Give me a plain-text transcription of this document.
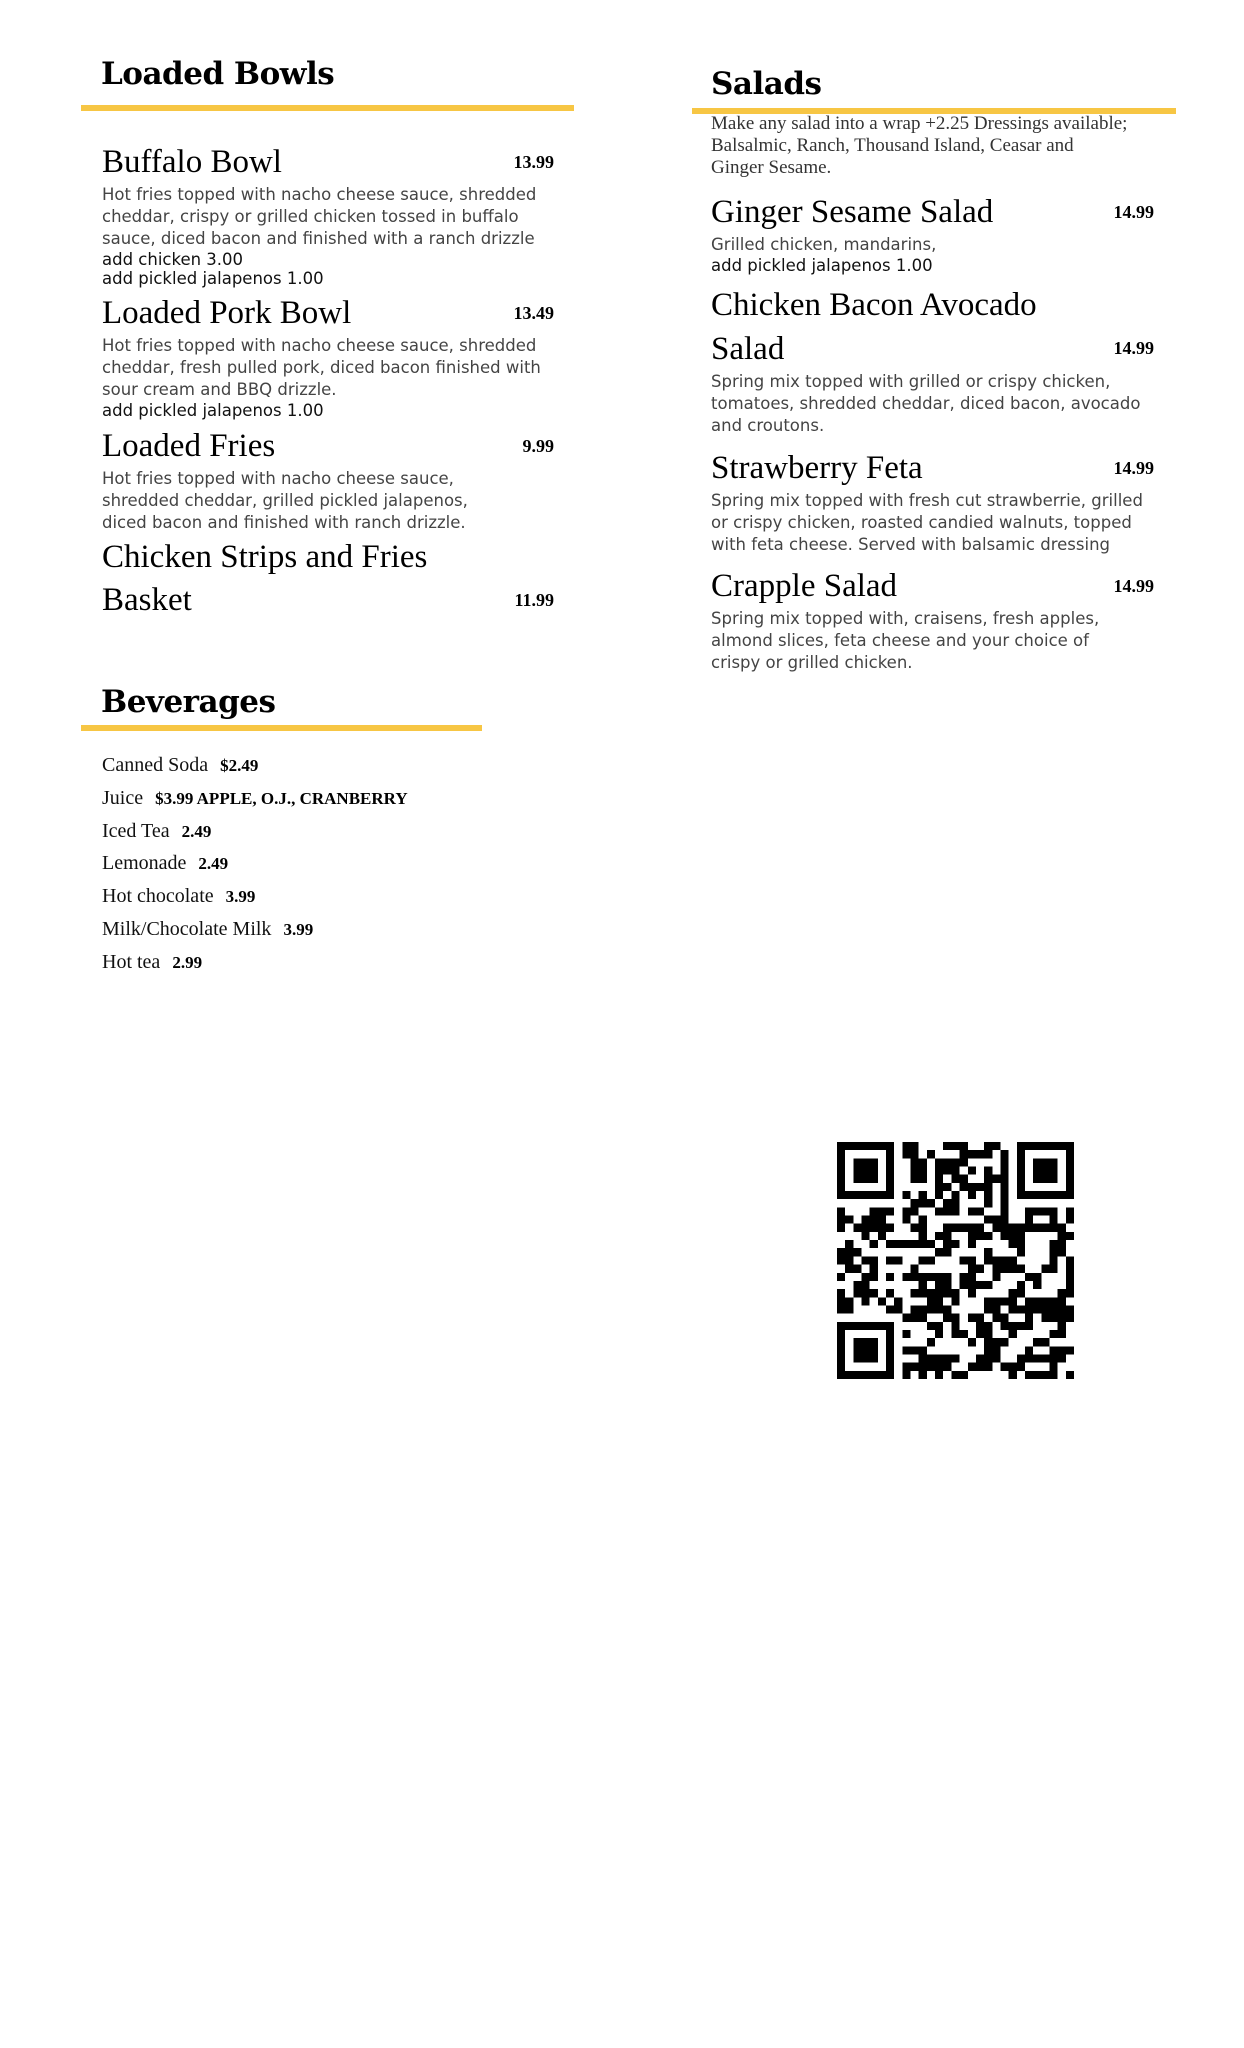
Loaded Bowls
Buffalo Bowl	13.99
Hot fries topped with nacho cheese sauce, shredded cheddar, crispy or grilled chicken tossed in buffalo sauce, diced bacon and finished with a ranch drizzle
add chicken 3.00
add pickled jalapenos 1.00
Loaded Pork Bowl	13.49
Hot fries topped with nacho cheese sauce, shredded cheddar, fresh pulled pork, diced bacon finished with sour cream and BBQ drizzle.
add pickled jalapenos 1.00
Loaded Fries	9.99
Hot fries topped with nacho cheese sauce, shredded cheddar, grilled pickled jalapenos, diced bacon and finished with ranch drizzle.
Chicken Strips and Fries Basket	11.99
Salads
Make any salad into a wrap +2.25 Dressings available; Balsalmic, Ranch, Thousand Island, Ceasar and Ginger Sesame.
Ginger Sesame Salad	14.99
Grilled chicken, mandarins,
add pickled jalapenos 1.00
Chicken Bacon Avocado Salad	14.99
Spring mix topped with grilled or crispy chicken, tomatoes, shredded cheddar, diced bacon, avocado and croutons.
Strawberry Feta	14.99
Spring mix topped with fresh cut strawberrie, grilled or crispy chicken, roasted candied walnuts, topped with feta cheese. Served with balsamic dressing
Crapple Salad	14.99
Spring mix topped with, craisens, fresh apples, almond slices, feta cheese and your choice of crispy or grilled chicken.
Beverages
Canned Soda $2.49
Juice $3.99 APPLE, O.J., CRANBERRY
Iced Tea 2.49
Lemonade 2.49
Hot chocolate 3.99
Milk/Chocolate Milk 3.99
Hot tea 2.99
